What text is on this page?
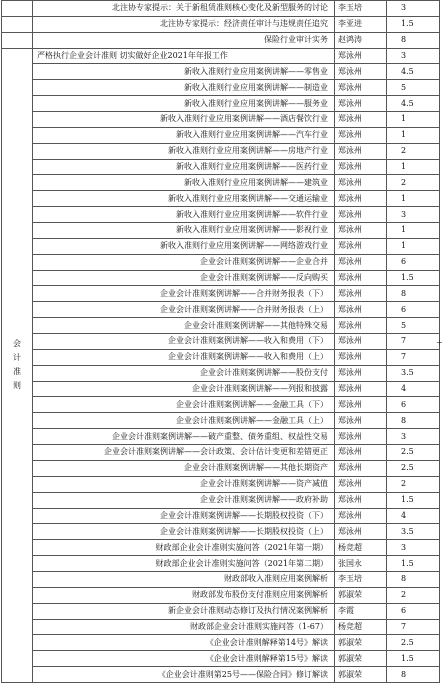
	北注协专家提示：关于新租赁准则核心变化及新型服务的讨论	李玉培	3
	北注协专家提示：经济责任审计与违规责任追究	李亚进	1.5
	保险行业审计实务	赵鸿涛	8
会计准则	严格执行企业会计准则 切实做好企业2021年年报工作	郑泳州	3
	新收入准则行业应用案例讲解——零售业	郑泳州	4.5
	新收入准则行业应用案例讲解——制造业	郑泳州	5
	新收入准则行业应用案例讲解——服务业	郑泳州	4.5
	新收入准则行业应用案例讲解——酒店餐饮行业	郑泳州	1
	新收入准则行业应用案例讲解——汽车行业	郑泳州	1
	新收入准则行业应用案例讲解——房地产行业	郑泳州	2
	新收入准则行业应用案例讲解——医药行业	郑泳州	1
	新收入准则行业应用案例讲解——建筑业	郑泳州	2
	新收入准则行业应用案例讲解——交通运输业	郑泳州	1
	新收入准则行业应用案例讲解——软件行业	郑泳州	3
	新收入准则行业应用案例讲解——影视行业	郑泳州	1
	新收入准则行业应用案例讲解——网络游戏行业	郑泳州	1
	企业会计准则案例讲解——企业合并	郑泳州	6
	企业会计准则案例讲解——反向购买	郑泳州	1.5
	企业会计准则案例讲解——合并财务报表（下）	郑泳州	8
	企业会计准则案例讲解——合并财务报表（上）	郑泳州	6
	企业会计准则案例讲解——其他特殊交易	郑泳州	5
	企业会计准则案例讲解——收入和费用（下）	郑泳州	7
	企业会计准则案例讲解——收入和费用（上）	郑泳州	7
	企业会计准则案例讲解——股份支付	郑泳州	3.5
	企业会计准则案例讲解——列报和披露	郑泳州	4
	企业会计准则案例讲解——金融工具（下）	郑泳州	6
	企业会计准则案例讲解——金融工具（上）	郑泳州	8
	企业会计准则案例讲解——破产重整、债务重组、权益性交易	郑泳州	3
	企业会计准则案例讲解——会计政策、会计估计变更和差错更正	郑泳州	2.5
	企业会计准则案例讲解——其他长期资产	郑泳州	2.5
	企业会计准则案例讲解——资产减值	郑泳州	2
	企业会计准则案例讲解——政府补助	郑泳州	1.5
	企业会计准则案例讲解——长期股权投资（下）	郑泳州	4
	企业会计准则案例讲解——长期股权投资（上）	郑泳州	3.5
	财政部企业会计准则实施问答（2021年第一期）	杨竞超	3
	财政部企业会计准则实施问答（2021年第二期）	张国永	1.5
	财政部收入准则应用案例解析	李玉培	8
	财政部发布股份支付准则应用案例解析	郭淑荣	2
	新企业会计准则动态修订及执行情况案例解析	李霞	6
	财政部企业会计准则实施问答（1-67）	杨竞超	7
	《企业会计准则解释第14号》解读	郭淑荣	2.5
	《企业会计准则解释第15号》解读	郭淑荣	1.5
	《企业会计准则第25号——保险合同》修订解读	郭淑荣	8
+
